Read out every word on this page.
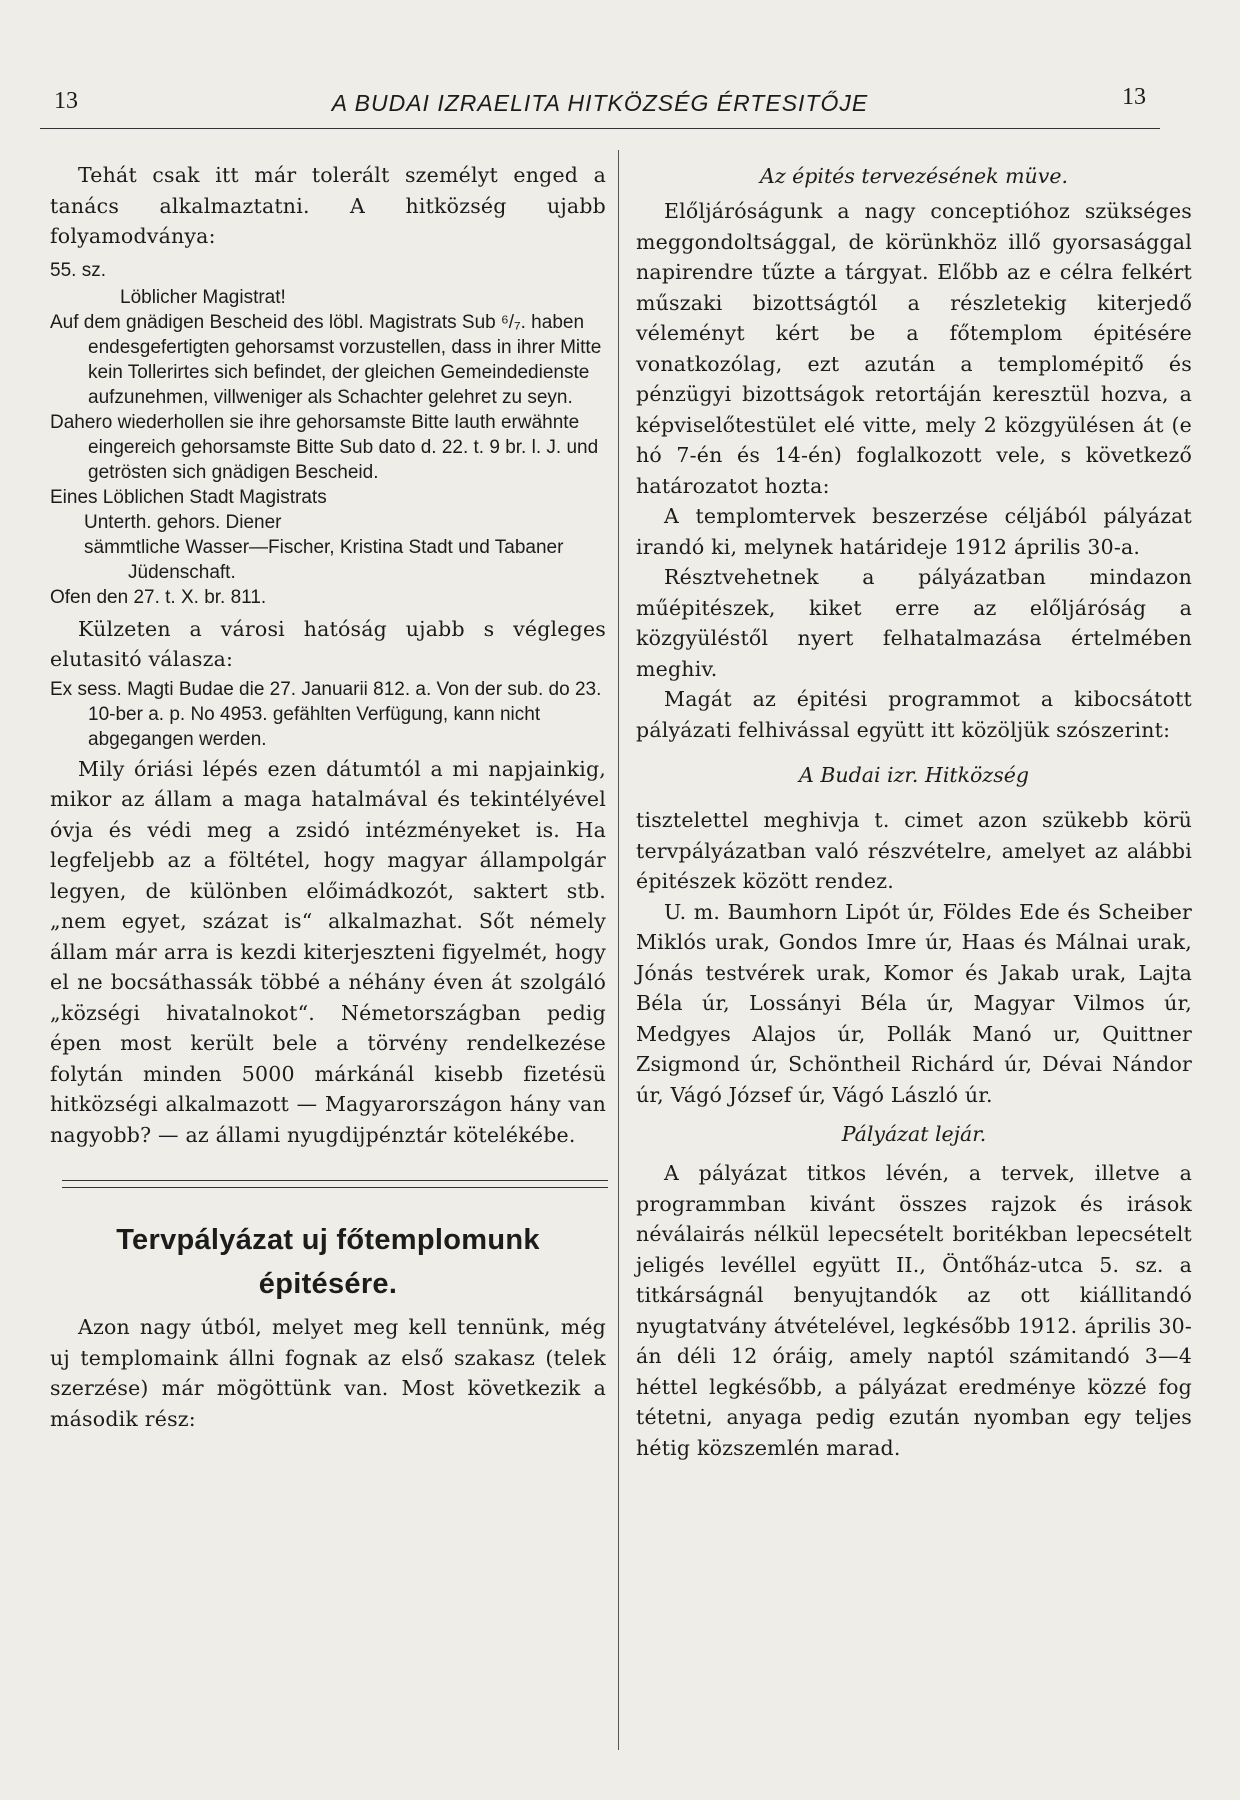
13	A BUDAI IZRAELITA HITKÖZSÉG ÉRTESITŐJE	13

Tehát csak itt már tolerált személyt enged a tanács alkalmaztatni. A hitközség ujabb folyamodványa:

55. sz.

Löblicher Magistrat!

Auf dem gnädigen Bescheid des löbl. Magistrats Sub ⁶/₇. haben endesgefertigten gehorsamst vorzustellen, dass in ihrer Mitte kein Tollerirtes sich befindet, der gleichen Gemeindedienste aufzunehmen, villweniger als Schachter gelehret zu seyn.

Dahero wiederhollen sie ihre gehorsamste Bitte lauth erwähnte eingereich gehorsamste Bitte Sub dato d. 22. t. 9 br. l. J. und getrösten sich gnädigen Bescheid.

Eines Löblichen Stadt Magistrats

Unterth. gehors. Diener

sämmtliche Wasser—Fischer, Kristina Stadt und Tabaner Jüdenschaft.

Ofen den 27. t. X. br. 811.

Külzeten a városi hatóság ujabb s végleges elutasitó válasza:

Ex sess. Magti Budae die 27. Januarii 812. a. Von der sub. do 23. 10-ber a. p. No 4953. gefählten Verfügung, kann nicht abgegangen werden.

Mily óriási lépés ezen dátumtól a mi napjainkig, mikor az állam a maga hatalmával és tekintélyével óvja és védi meg a zsidó intézményeket is. Ha legfeljebb az a föltétel, hogy magyar állampolgár legyen, de különben előimádkozót, saktert stb. „nem egyet, százat is“ alkalmazhat. Sőt némely állam már arra is kezdi kiterjeszteni figyelmét, hogy el ne bocsáthassák többé a néhány éven át szolgáló „községi hivatalnokot“. Németországban pedig épen most került bele a törvény rendelkezése folytán minden 5000 márkánál kisebb fizetésü hitközségi alkalmazott — Magyarországon hány van nagyobb? — az állami nyugdijpénztár kötelékébe.

Tervpályázat uj főtemplomunk
épitésére.

Azon nagy útból, melyet meg kell tennünk, még uj templomaink állni fognak az első szakasz (telek szerzése) már mögöttünk van. Most következik a második rész:

Az épités tervezésének müve.

Előljáróságunk a nagy conceptióhoz szükséges meggondoltsággal, de körünkhöz illő gyorsasággal napirendre tűzte a tárgyat. Előbb az e célra felkért műszaki bizottságtól a részletekig kiterjedő véleményt kért be a főtemplom épitésére vonatkozólag, ezt azután a templomépitő és pénzügyi bizottságok retortáján keresztül hozva, a képviselőtestület elé vitte, mely 2 közgyülésen át (e hó 7-én és 14-én) foglalkozott vele, s következő határozatot hozta:

A templomtervek beszerzése céljából pályázat irandó ki, melynek határideje 1912 április 30-a.

Résztvehetnek a pályázatban mindazon műépitészek, kiket erre az előljáróság a közgyüléstől nyert felhatalmazása értelmében meghiv.

Magát az épitési programmot a kibocsátott pályázati felhivással együtt itt közöljük szószerint:

A Budai izr. Hitközség

tisztelettel meghivja t. cimet azon szükebb körü tervpályázatban való részvételre, amelyet az alábbi épitészek között rendez.

U. m. Baumhorn Lipót úr, Földes Ede és Scheiber Miklós urak, Gondos Imre úr, Haas és Málnai urak, Jónás testvérek urak, Komor és Jakab urak, Lajta Béla úr, Lossányi Béla úr, Magyar Vilmos úr, Medgyes Alajos úr, Pollák Manó ur, Quittner Zsigmond úr, Schöntheil Richárd úr, Dévai Nándor úr, Vágó József úr, Vágó László úr.

Pályázat lejár.

A pályázat titkos lévén, a tervek, illetve a programmban kivánt összes rajzok és irások néválairás nélkül lepecsételt boritékban lepecsételt jeligés levéllel együtt II., Öntőház-utca 5. sz. a titkárságnál benyujtandók az ott kiállitandó nyugtatvány átvételével, legkésőbb 1912. április 30-án déli 12 óráig, amely naptól számitandó 3—4 héttel legkésőbb, a pályázat eredménye közzé fog tétetni, anyaga pedig ezután nyomban egy teljes hétig közszemlén marad.
